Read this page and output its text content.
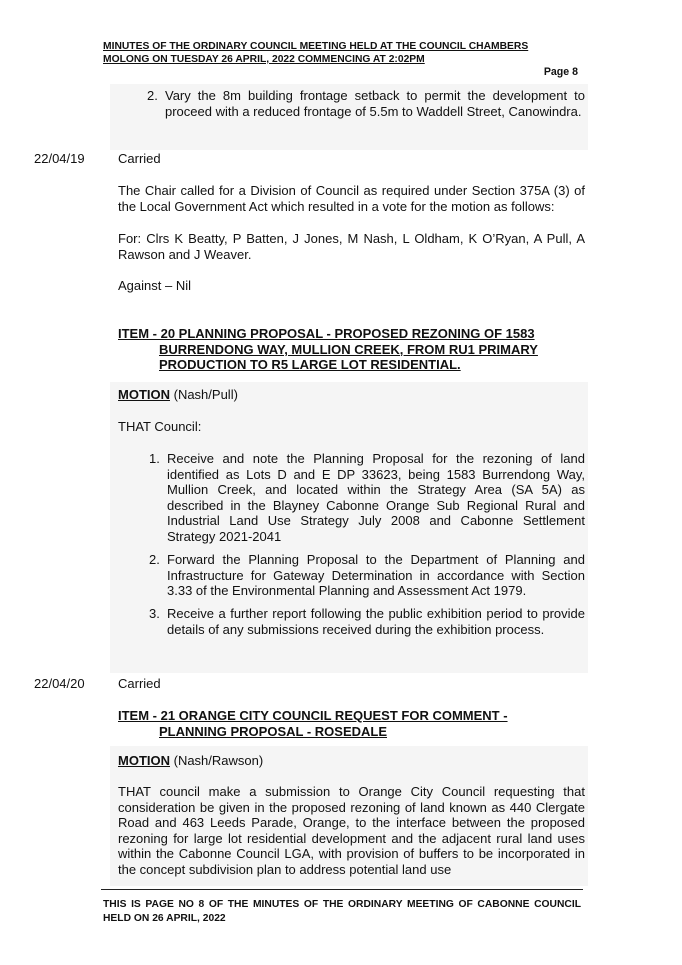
MINUTES OF THE ORDINARY COUNCIL MEETING HELD AT THE COUNCIL CHAMBERS
MOLONG ON TUESDAY 26 APRIL, 2022 COMMENCING AT 2:02PM
Page 8
2. Vary the 8m building frontage setback to permit the development to proceed with a reduced frontage of 5.5m to Waddell Street, Canowindra.
22/04/19	Carried
The Chair called for a Division of Council as required under Section 375A (3) of the Local Government Act which resulted in a vote for the motion as follows:
For: Clrs K Beatty, P Batten, J Jones, M Nash, L Oldham, K O’Ryan, A Pull, A Rawson and J Weaver.
Against – Nil
ITEM - 20 PLANNING PROPOSAL - PROPOSED REZONING OF 1583
BURRENDONG WAY, MULLION CREEK, FROM RU1 PRIMARY
PRODUCTION TO R5 LARGE LOT RESIDENTIAL.
MOTION (Nash/Pull)
THAT Council:
1. Receive and note the Planning Proposal for the rezoning of land identified as Lots D and E DP 33623, being 1583 Burrendong Way, Mullion Creek, and located within the Strategy Area (SA 5A) as described in the Blayney Cabonne Orange Sub Regional Rural and Industrial Land Use Strategy July 2008 and Cabonne Settlement Strategy 2021-2041
2. Forward the Planning Proposal to the Department of Planning and Infrastructure for Gateway Determination in accordance with Section 3.33 of the Environmental Planning and Assessment Act 1979.
3. Receive a further report following the public exhibition period to provide details of any submissions received during the exhibition process.
22/04/20	Carried
ITEM - 21 ORANGE CITY COUNCIL REQUEST FOR COMMENT -
PLANNING PROPOSAL - ROSEDALE
MOTION (Nash/Rawson)
THAT council make a submission to Orange City Council requesting that consideration be given in the proposed rezoning of land known as 440 Clergate Road and 463 Leeds Parade, Orange, to the interface between the proposed rezoning for large lot residential development and the adjacent rural land uses within the Cabonne Council LGA, with provision of buffers to be incorporated in the concept subdivision plan to address potential land use
THIS IS PAGE NO 8 OF THE MINUTES OF THE ORDINARY MEETING OF CABONNE COUNCIL HELD ON 26 APRIL, 2022
